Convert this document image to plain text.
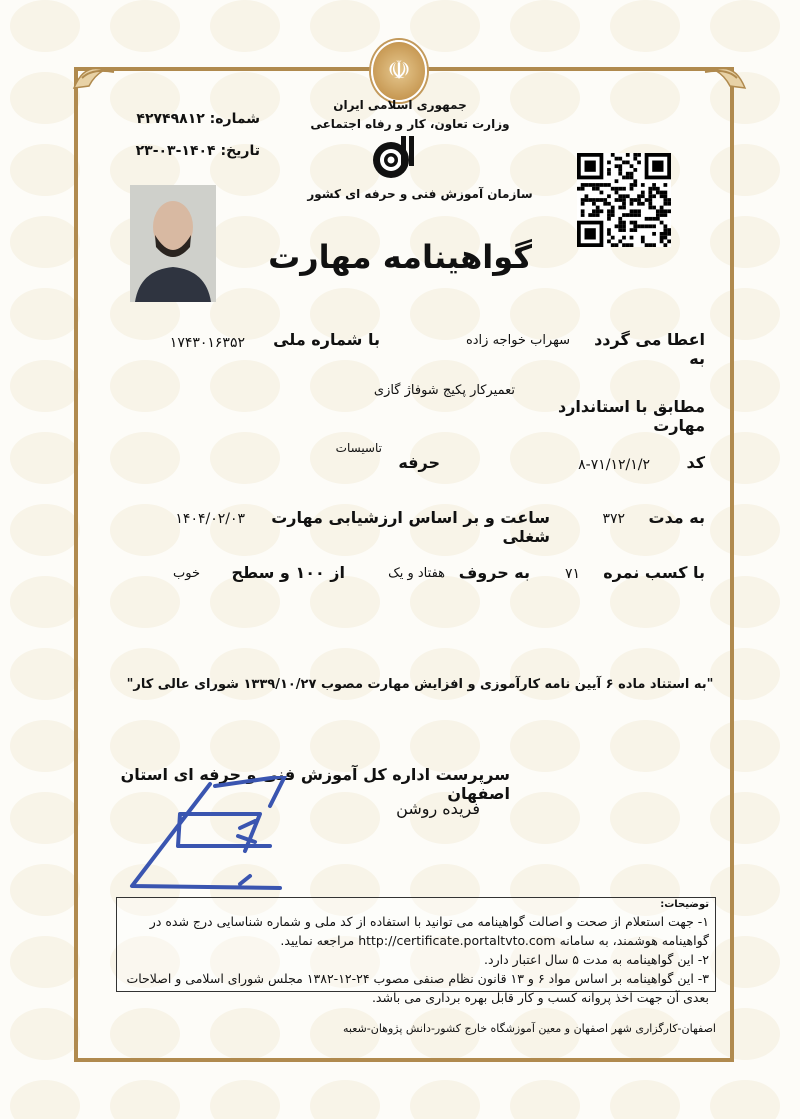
☫
جمهوری اسلامی ایران
وزارت تعاون، کار و رفاه اجتماعی
سازمان آموزش فنی و حرفه ای کشور
شماره: ۴۲۷۴۹۸۱۲
تاریخ: ۱۴۰۴-۰۳-۲۳
گواهینامه مهارت
اعطا می گردد به
سهراب خواجه زاده
با شماره ملی
۱۷۴۳۰۱۶۳۵۲
مطابق با استاندارد مهارت
تعمیرکار پکیج شوفاژ گازی
کد
۸-۷۱/۱۲/۱/۲
حرفه
تاسیسات
به مدت
۳۷۲
ساعت و بر اساس ارزشیابی مهارت شغلی
۱۴۰۴/۰۲/۰۳
با کسب نمره
۷۱
به حروف
هفتاد و یک
از ۱۰۰ و سطح
خوب
"به استناد ماده ۶ آیین نامه کارآموزی و افزایش مهارت مصوب ۱۳۳۹/۱۰/۲۷ شورای عالی کار"
سرپرست اداره کل آموزش فنی و حرفه ای استان اصفهان
فریده روشن
توضیحات:
۱- جهت استعلام از صحت و اصالت گواهینامه می توانید با استفاده از کد ملی و شماره شناسایی درج شده در گواهینامه هوشمند، به سامانه http://certificate.portaltvto.com مراجعه نمایید.
۲- این گواهینامه به مدت ۵ سال اعتبار دارد.
۳- این گواهینامه بر اساس مواد ۶ و ۱۳ قانون نظام صنفی مصوب ۲۴-۱۲-۱۳۸۲ مجلس شورای اسلامی و اصلاحات بعدی آن جهت اخذ پروانه کسب و کار قابل بهره برداری می باشد.
اصفهان-کارگزاری شهر اصفهان و معین آموزشگاه خارج کشور-دانش پژوهان-شعبه
